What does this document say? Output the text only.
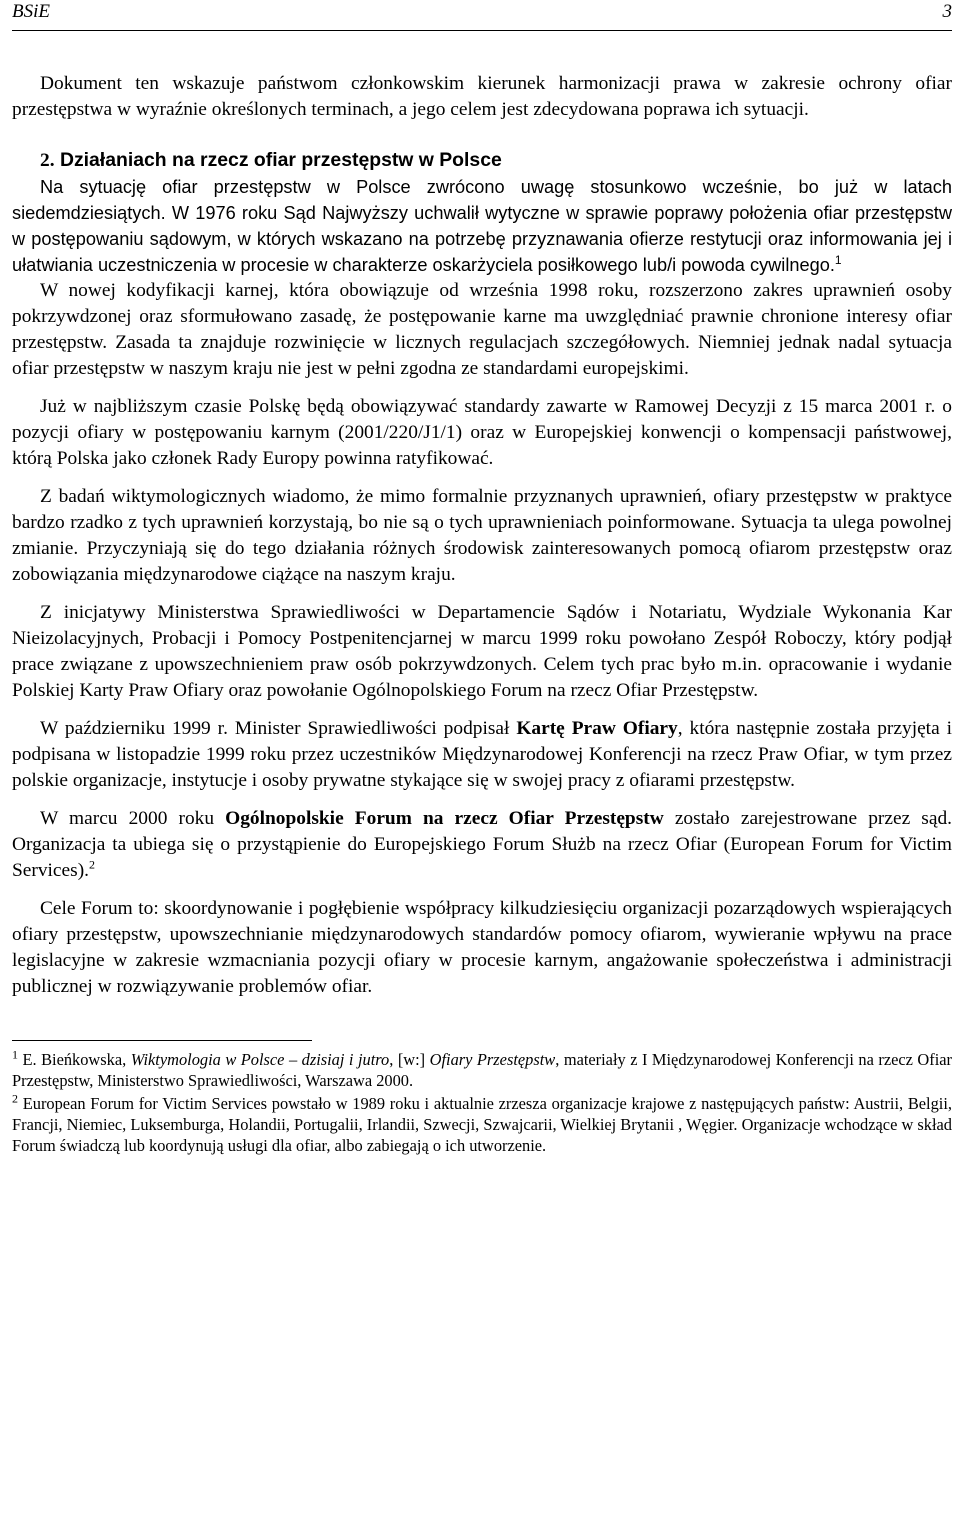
BSiE	3

Dokument ten wskazuje państwom członkowskim kierunek harmonizacji prawa w zakresie ochrony ofiar przestępstwa w wyraźnie określonych terminach, a jego celem jest zdecydowana poprawa ich sytuacji.

2. Działaniach na rzecz ofiar przestępstw w Polsce

Na sytuację ofiar przestępstw w Polsce zwrócono uwagę stosunkowo wcześnie, bo już w latach siedemdziesiątych. W 1976 roku Sąd Najwyższy uchwalił wytyczne w sprawie poprawy położenia ofiar przestępstw w postępowaniu sądowym, w których wskazano na potrzebę przyznawania ofierze restytucji oraz informowania jej i ułatwiania uczestniczenia w procesie w charakterze oskarżyciela posiłkowego lub/i powoda cywilnego.$^1$

W nowej kodyfikacji karnej, która obowiązuje od września 1998 roku, rozszerzono zakres uprawnień osoby pokrzywdzonej oraz sformułowano zasadę, że postępowanie karne ma uwzględniać prawnie chronione interesy ofiar przestępstw. Zasada ta znajduje rozwinięcie w licznych regulacjach szczegółowych. Niemniej jednak nadal sytuacja ofiar przestępstw w naszym kraju nie jest w pełni zgodna ze standardami europejskimi.

Już w najbliższym czasie Polskę będą obowiązywać standardy zawarte w Ramowej Decyzji z 15 marca 2001 r. o pozycji ofiary w postępowaniu karnym (2001/220/J1/1) oraz w Europejskiej konwencji o kompensacji państwowej, którą Polska jako członek Rady Europy powinna ratyfikować.

Z badań wiktymologicznych wiadomo, że mimo formalnie przyznanych uprawnień, ofiary przestępstw w praktyce bardzo rzadko z tych uprawnień korzystają, bo nie są o tych uprawnieniach poinformowane. Sytuacja ta ulega powolnej zmianie. Przyczyniają się do tego działania różnych środowisk zainteresowanych pomocą ofiarom przestępstw oraz zobowiązania międzynarodowe ciążące na naszym kraju.

Z inicjatywy Ministerstwa Sprawiedliwości w Departamencie Sądów i Notariatu, Wydziale Wykonania Kar Nieizolacyjnych, Probacji i Pomocy Postpenitencjarnej w marcu 1999 roku powołano Zespół Roboczy, który podjął prace związane z upowszechnieniem praw osób pokrzywdzonych. Celem tych prac było m.in. opracowanie i wydanie Polskiej Karty Praw Ofiary oraz powołanie Ogólnopolskiego Forum na rzecz Ofiar Przestępstw.

W październiku 1999 r. Minister Sprawiedliwości podpisał Kartę Praw Ofiary, która następnie została przyjęta i podpisana w listopadzie 1999 roku przez uczestników Międzynarodowej Konferencji na rzecz Praw Ofiar, w tym przez polskie organizacje, instytucje i osoby prywatne stykające się w swojej pracy z ofiarami przestępstw.

W marcu 2000 roku Ogólnopolskie Forum na rzecz Ofiar Przestępstw zostało zarejestrowane przez sąd. Organizacja ta ubiega się o przystąpienie do Europejskiego Forum Służb na rzecz Ofiar (European Forum for Victim Services).$^2$

Cele Forum to: skoordynowanie i pogłębienie współpracy kilkudziesięciu organizacji pozarządowych wspierających ofiary przestępstw, upowszechnianie międzynarodowych standardów pomocy ofiarom, wywieranie wpływu na prace legislacyjne w zakresie wzmacniania pozycji ofiary w procesie karnym, angażowanie społeczeństwa i administracji publicznej w rozwiązywanie problemów ofiar.

$^1$ E. Bieńkowska, Wiktymologia w Polsce – dzisiaj i jutro, [w:] Ofiary Przestępstw, materiały z I Międzynarodowej Konferencji na rzecz Ofiar Przestępstw, Ministerstwo Sprawiedliwości, Warszawa 2000.

$^2$ European Forum for Victim Services powstało w 1989 roku i aktualnie zrzesza organizacje krajowe z następujących państw: Austrii, Belgii, Francji, Niemiec, Luksemburga, Holandii, Portugalii, Irlandii, Szwecji, Szwajcarii, Wielkiej Brytanii , Węgier. Organizacje wchodzące w skład Forum świadczą lub koordynują usługi dla ofiar, albo zabiegają o ich utworzenie.
